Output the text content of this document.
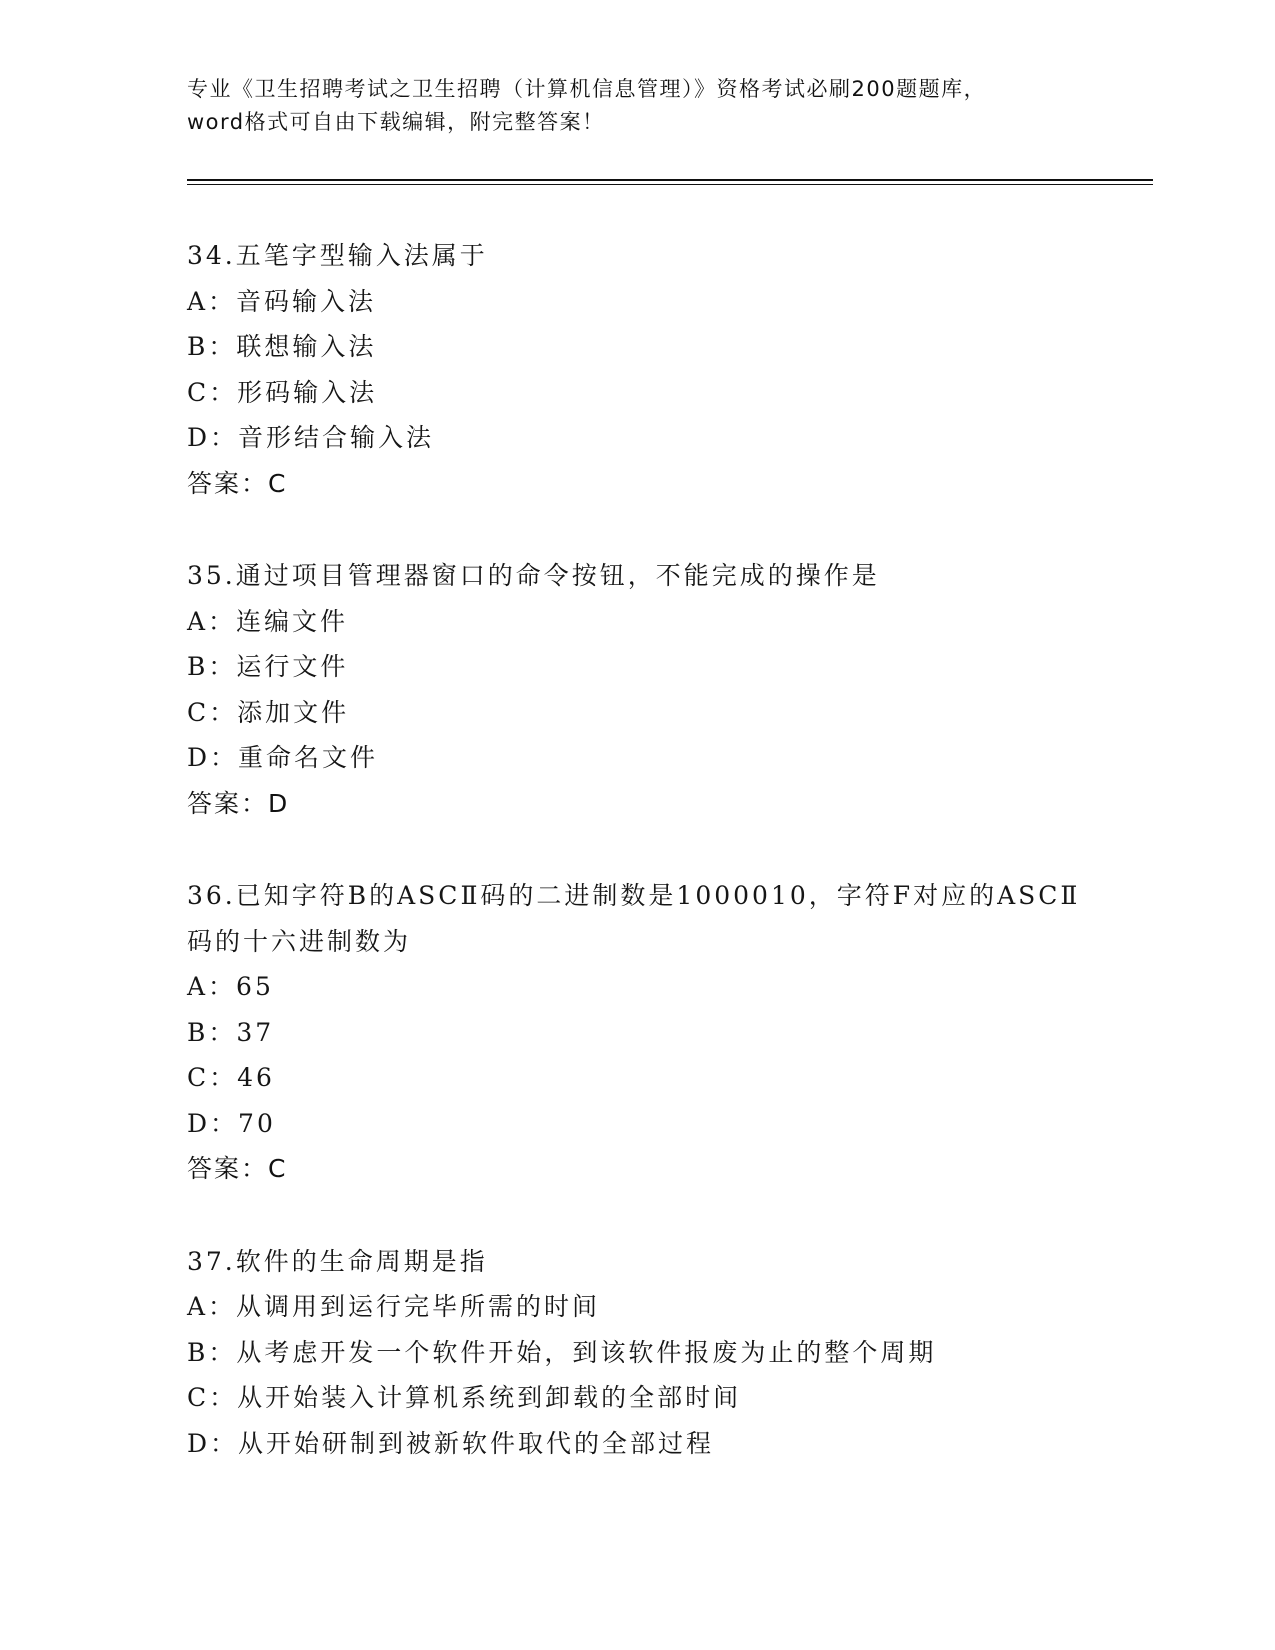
专业《卫生招聘考试之卫生招聘（计算机信息管理）》资格考试必刷200题题库，
word格式可自由下载编辑，附完整答案！
34.五笔字型输入法属于
A：音码输入法
B：联想输入法
C：形码输入法
D：音形结合输入法
答案：C
35.通过项目管理器窗口的命令按钮，不能完成的操作是
A：连编文件
B：运行文件
C：添加文件
D：重命名文件
答案：D
36.已知字符B的ASCⅡ码的二进制数是1000010，字符F对应的ASCⅡ
码的十六进制数为
A：65
B：37
C：46
D：70
答案：C
37.软件的生命周期是指
A：从调用到运行完毕所需的时间
B：从考虑开发一个软件开始，到该软件报废为止的整个周期
C：从开始装入计算机系统到卸载的全部时间
D：从开始研制到被新软件取代的全部过程
